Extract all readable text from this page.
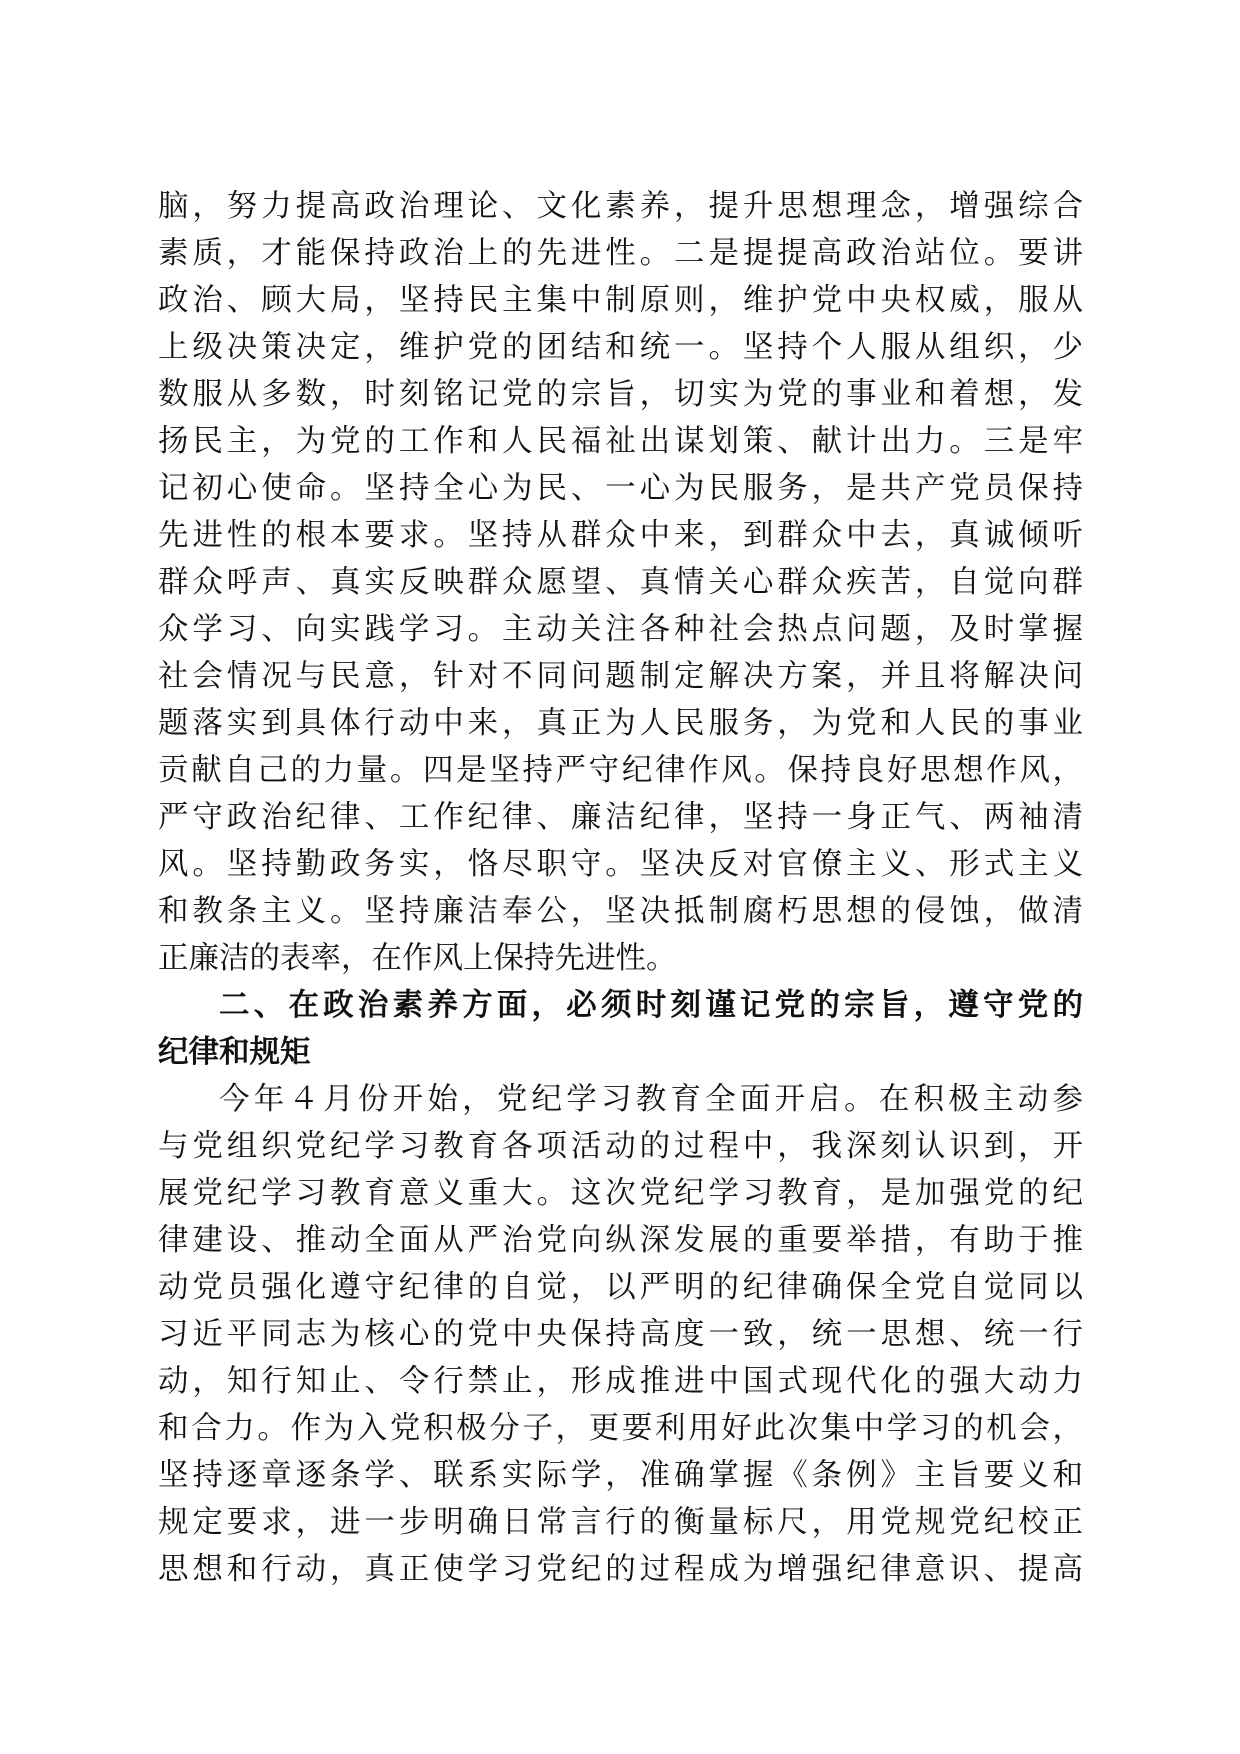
脑，努力提高政治理论、文化素养，提升思想理念，增强综合
素质，才能保持政治上的先进性。二是提提高政治站位。要讲
政治、顾大局，坚持民主集中制原则，维护党中央权威，服从
上级决策决定，维护党的团结和统一。坚持个人服从组织，少
数服从多数，时刻铭记党的宗旨，切实为党的事业和着想，发
扬民主，为党的工作和人民福祉出谋划策、献计出力。三是牢
记初心使命。坚持全心为民、一心为民服务，是共产党员保持
先进性的根本要求。坚持从群众中来，到群众中去，真诚倾听
群众呼声、真实反映群众愿望、真情关心群众疾苦，自觉向群
众学习、向实践学习。主动关注各种社会热点问题，及时掌握
社会情况与民意，针对不同问题制定解决方案，并且将解决问
题落实到具体行动中来，真正为人民服务，为党和人民的事业
贡献自己的力量。四是坚持严守纪律作风。保持良好思想作风，
严守政治纪律、工作纪律、廉洁纪律，坚持一身正气、两袖清
风。坚持勤政务实，恪尽职守。坚决反对官僚主义、形式主义
和教条主义。坚持廉洁奉公，坚决抵制腐朽思想的侵蚀，做清
正廉洁的表率，在作风上保持先进性。
二、在政治素养方面，必须时刻谨记党的宗旨，遵守党的
纪律和规矩
今年４月份开始，党纪学习教育全面开启。在积极主动参
与党组织党纪学习教育各项活动的过程中，我深刻认识到，开
展党纪学习教育意义重大。这次党纪学习教育，是加强党的纪
律建设、推动全面从严治党向纵深发展的重要举措，有助于推
动党员强化遵守纪律的自觉，以严明的纪律确保全党自觉同以
习近平同志为核心的党中央保持高度一致，统一思想、统一行
动，知行知止、令行禁止，形成推进中国式现代化的强大动力
和合力。作为入党积极分子，更要利用好此次集中学习的机会，
坚持逐章逐条学、联系实际学，准确掌握《条例》主旨要义和
规定要求，进一步明确日常言行的衡量标尺，用党规党纪校正
思想和行动，真正使学习党纪的过程成为增强纪律意识、提高
